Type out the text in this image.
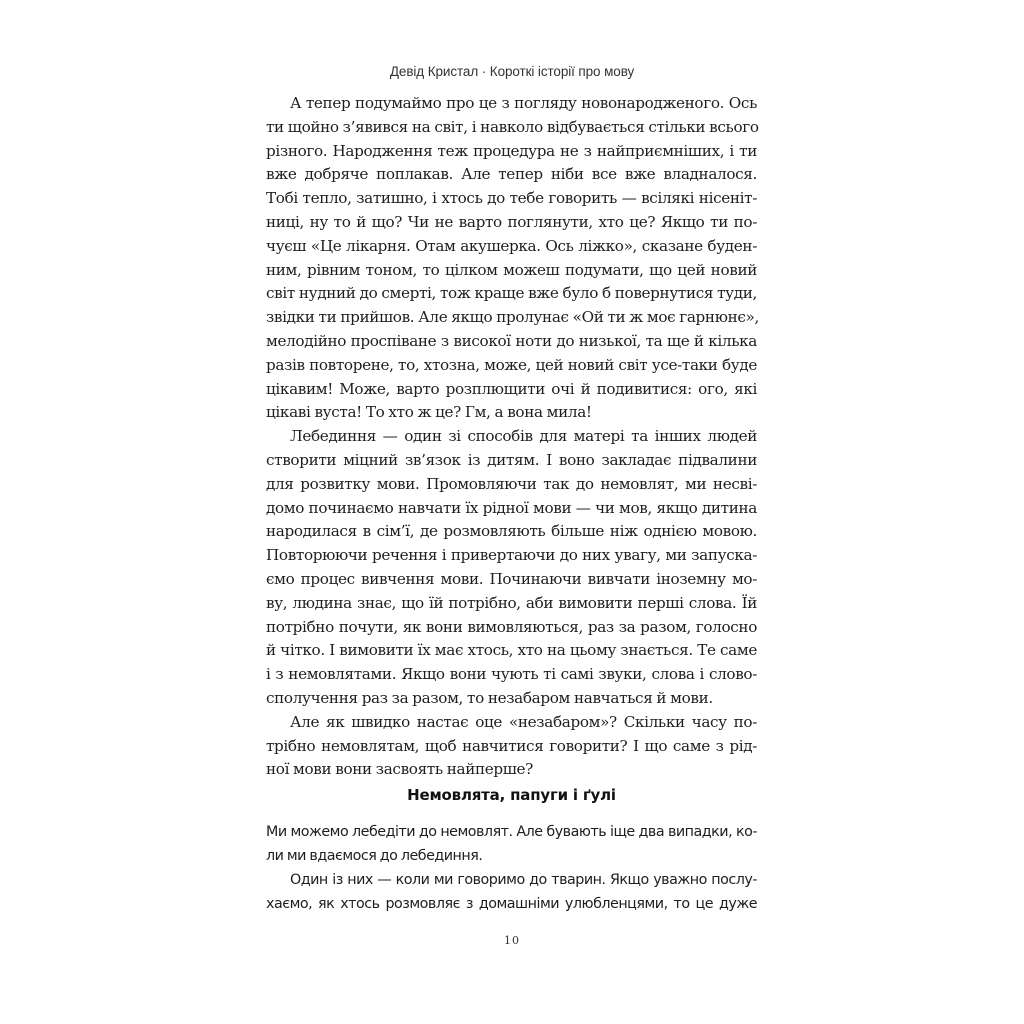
Девід Кристал · Короткі історії про мову
А тепер подумаймо про це з погляду новонародженого. Ось
ти щойно з’явився на світ, і навколо відбувається стільки всього
різного. Народження теж процедура не з найприємніших, і ти
вже добряче поплакав. Але тепер ніби все вже владналося.
Тобі тепло, затишно, і хтось до тебе говорить — всілякі нісеніт-
ниці, ну то й що? Чи не варто поглянути, хто це? Якщо ти по-
чуєш «Це лікарня. Отам акушерка. Ось ліжко», сказане буден-
ним, рівним тоном, то цілком можеш подумати, що цей новий
світ нудний до смерті, тож краще вже було б повернутися туди,
звідки ти прийшов. Але якщо пролунає «Ой ти ж моє гарнюнє»,
мелодійно проспіване з високої ноти до низької, та ще й кілька
разів повторене, то, хтозна, може, цей новий світ усе-таки буде
цікавим! Може, варто розплющити очі й подивитися: ого, які
цікаві вуста! То хто ж це? Гм, а вона мила!
Лебединня — один зі способів для матері та інших людей
створити міцний зв’язок із дитям. І воно закладає підвалини
для розвитку мови. Промовляючи так до немовлят, ми несві-
домо починаємо навчати їх рідної мови — чи мов, якщо дитина
народилася в сім’ї, де розмовляють більше ніж однією мовою.
Повторюючи речення і привертаючи до них увагу, ми запуска-
ємо процес вивчення мови. Починаючи вивчати іноземну мо-
ву, людина знає, що їй потрібно, аби вимовити перші слова. Їй
потрібно почути, як вони вимовляються, раз за разом, голосно
й чітко. І вимовити їх має хтось, хто на цьому знається. Те саме
і з немовлятами. Якщо вони чують ті самі звуки, слова і слово-
сполучення раз за разом, то незабаром навчаться й мови.
Але як швидко настає оце «незабаром»? Скільки часу по-
трібно немовлятам, щоб навчитися говорити? І що саме з рід-
ної мови вони засвоять найперше?
Немовлята, папуги і ґулі
Ми можемо лебедіти до немовлят. Але бувають іще два випадки, ко-
ли ми вдаємося до лебединня.
Один із них — коли ми говоримо до тварин. Якщо уважно послу-
хаємо, як хтось розмовляє з домашніми улюбленцями, то це дуже
10
